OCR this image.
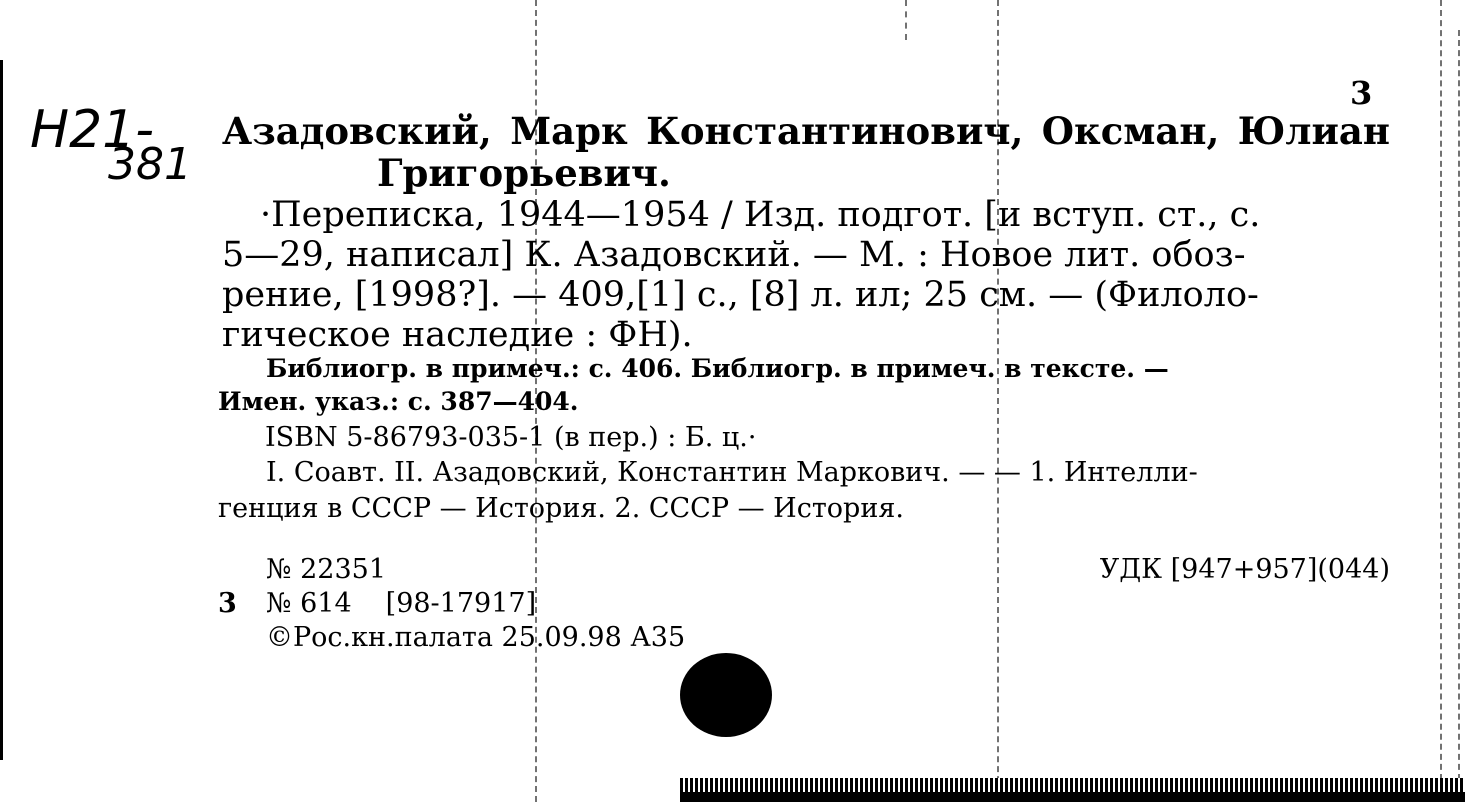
H21-
381
3
Азадовский, Марк Константинович, Оксман, Юлиан
Григорьевич.
·Переписка, 1944—1954 / Изд. подгот. [и вступ. ст., с.
5—29, написал] К. Азадовский. — М. : Новое лит. обоз-
рение, [1998?]. — 409,[1] с., [8] л. ил; 25 см. — (Филоло-
гическое наследие : ФН).
Библиогр. в примеч.: с. 406. Библиогр. в примеч. в тексте. —
Имен. указ.: с. 387—404.
ISBN 5-86793-035-1 (в пер.) : Б. ц.·
I. Соавт. II. Азадовский, Константин Маркович. — — 1. Интелли-
генция в СССР — История. 2. СССР — История.
№ 22351	УДК [947+957](044)
3 № 614 [98-17917]
©Рос.кн.палата 25.09.98 А35
